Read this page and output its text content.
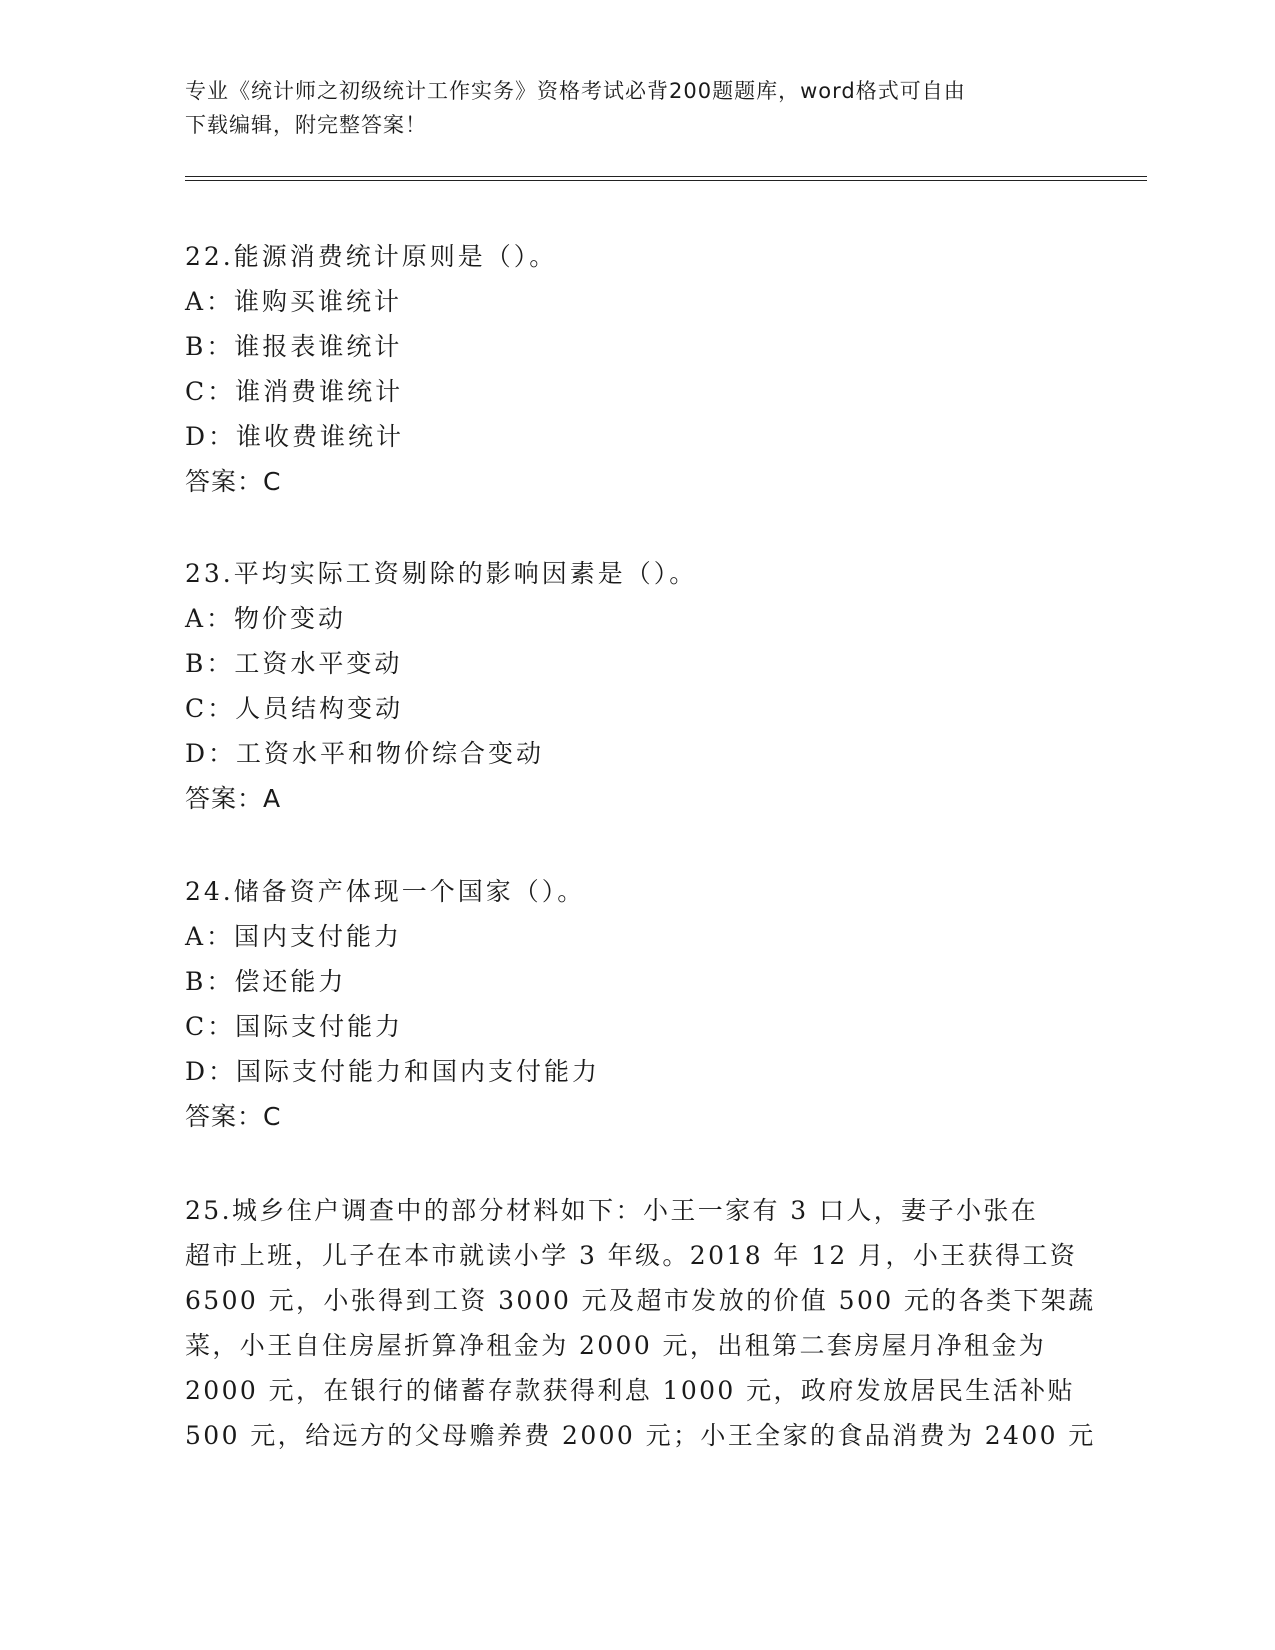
专业《统计师之初级统计工作实务》资格考试必背200题题库，word格式可自由
下载编辑，附完整答案！
22.能源消费统计原则是（）。
A：谁购买谁统计
B：谁报表谁统计
C：谁消费谁统计
D：谁收费谁统计
答案：C
23.平均实际工资剔除的影响因素是（）。
A：物价变动
B：工资水平变动
C：人员结构变动
D：工资水平和物价综合变动
答案：A
24.储备资产体现一个国家（）。
A：国内支付能力
B：偿还能力
C：国际支付能力
D：国际支付能力和国内支付能力
答案：C
25.城乡住户调查中的部分材料如下：小王一家有 3 口人，妻子小张在
超市上班，儿子在本市就读小学 3 年级。2018 年 12 月，小王获得工资
6500 元，小张得到工资 3000 元及超市发放的价值 500 元的各类下架蔬
菜，小王自住房屋折算净租金为 2000 元，出租第二套房屋月净租金为
2000 元，在银行的储蓄存款获得利息 1000 元，政府发放居民生活补贴
500 元，给远方的父母赡养费 2000 元；小王全家的食品消费为 2400 元
